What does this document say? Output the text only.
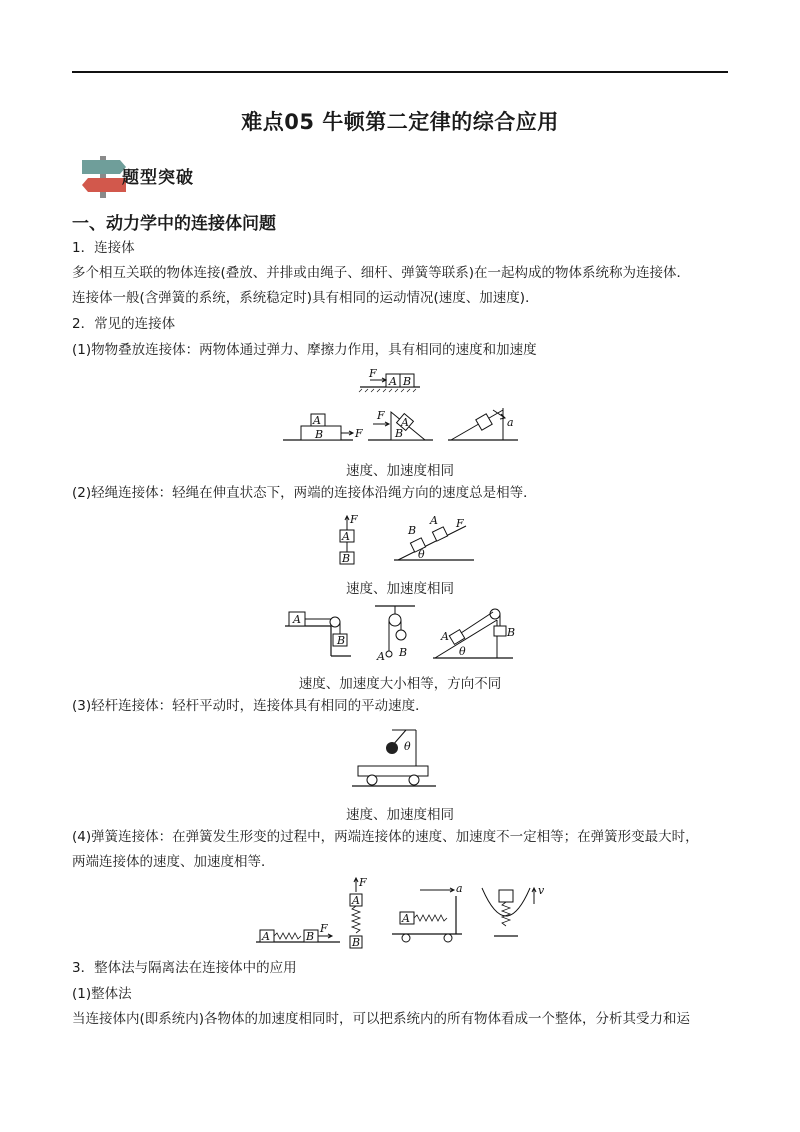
难点05 牛顿第二定律的综合应用
题型突破
一、动力学中的连接体问题
1．连接体
多个相互关联的物体连接(叠放、并排或由绳子、细杆、弹簧等联系)在一起构成的物体系统称为连接体．
连接体一般(含弹簧的系统，系统稳定时)具有相同的运动情况(速度、加速度)．
2．常见的连接体
(1)物物叠放连接体：两物体通过弹力、摩擦力作用，具有相同的速度和加速度
F
A B
A
B	F
F
A
B
a
速度、加速度相同
(2)轻绳连接体：轻绳在伸直状态下，两端的连接体沿绳方向的速度总是相等．
F
A
B
B
A F
θ
速度、加速度相同
A
B
A B
B
A
θ
速度、加速度大小相等，方向不同
(3)轻杆连接体：轻杆平动时，连接体具有相同的平动速度．
θ
速度、加速度相同
(4)弹簧连接体：在弹簧发生形变的过程中，两端连接体的速度、加速度不一定相等；在弹簧形变最大时，
两端连接体的速度、加速度相等．
A	B
F
F
A
B
A
a	v
3．整体法与隔离法在连接体中的应用
(1)整体法
当连接体内(即系统内)各物体的加速度相同时，可以把系统内的所有物体看成一个整体，分析其受力和运
